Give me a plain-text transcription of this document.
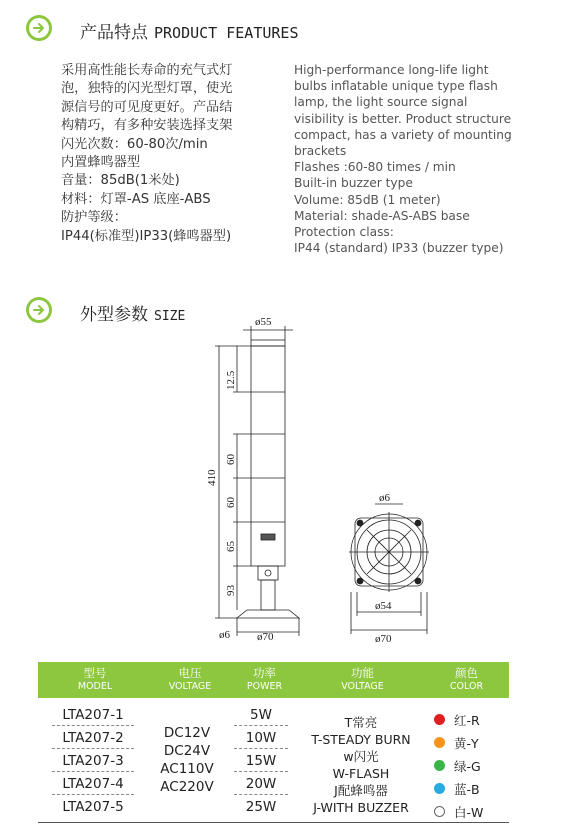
产品特点 PRODUCT FEATURES
采用高性能长寿命的充气式灯
泡，独特的闪光型灯罩，使光
源信号的可见度更好。产品结
构精巧，有多种安装选择支架
闪光次数：60-80次/min
内置蜂鸣器型
音量：85dB(1米处)
材料：灯罩-AS 底座-ABS
防护等级：
IP44(标准型)IP33(蜂鸣器型)
High-performance long-life light
bulbs inflatable unique type flash
lamp, the light source signal
visibility is better. Product structure
compact, has a variety of mounting
brackets
Flashes :60-80 times / min
Built-in buzzer type
Volume: 85dB (1 meter)
Material: shade-AS-ABS base
Protection class:
IP44 (standard) IP33 (buzzer type)
外型参数 SIZE	ø55
12.5
60
60
65
93
410
ø6 ø70
ø6
ø54
ø70
型号
MODEL
电压
VOLTAGE
功率
POWER
功能
VOLTAGE
颜色
COLOR
LTA207-1
LTA207-2
LTA207-3
LTA207-4
LTA207-5
DC12V
DC24V
AC110V
AC220V
5W
10W
15W
20W
25W
T常亮
T-STEADY BURN
w闪光
W-FLASH
J配蜂鸣器
J-WITH BUZZER
红-R
黄-Y
绿-G
蓝-B
白-W
